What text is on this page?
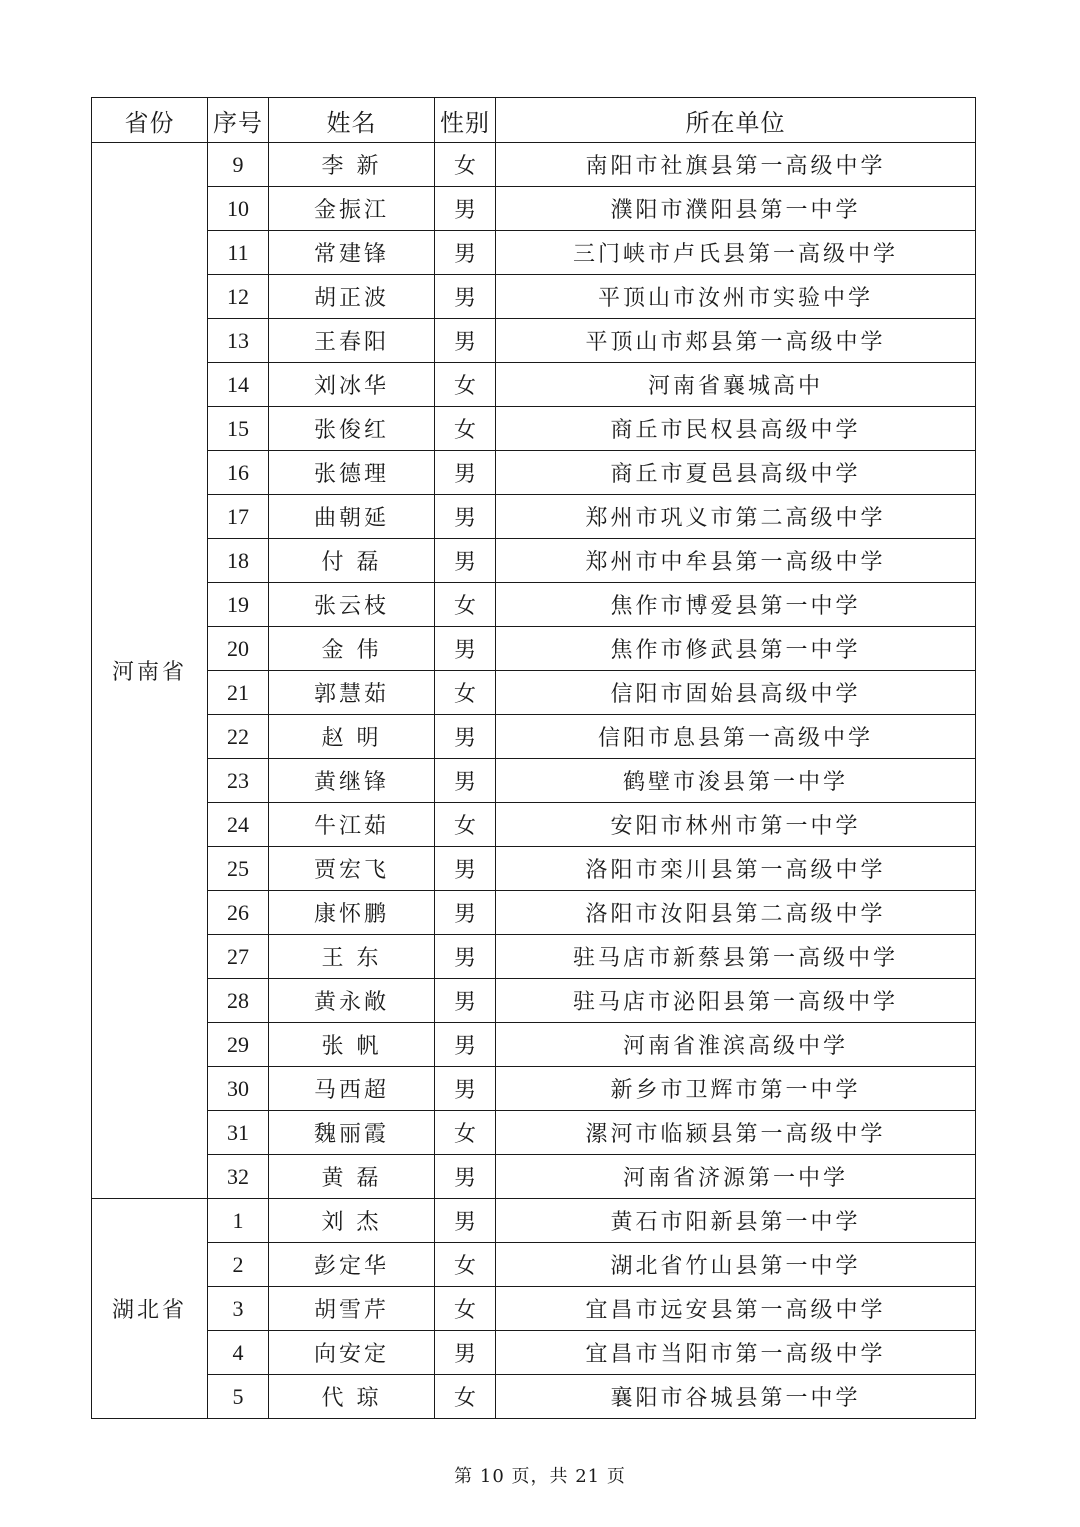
省份	序号	姓名	性别	所在单位
河南省	9	李 新	女	南阳市社旗县第一高级中学
	10	金振江	男	濮阳市濮阳县第一中学
	11	常建锋	男	三门峡市卢氏县第一高级中学
	12	胡正波	男	平顶山市汝州市实验中学
	13	王春阳	男	平顶山市郏县第一高级中学
	14	刘冰华	女	河南省襄城高中
	15	张俊红	女	商丘市民权县高级中学
	16	张德理	男	商丘市夏邑县高级中学
	17	曲朝延	男	郑州市巩义市第二高级中学
	18	付 磊	男	郑州市中牟县第一高级中学
	19	张云枝	女	焦作市博爱县第一中学
	20	金 伟	男	焦作市修武县第一中学
	21	郭慧茹	女	信阳市固始县高级中学
	22	赵 明	男	信阳市息县第一高级中学
	23	黄继锋	男	鹤壁市浚县第一中学
	24	牛江茹	女	安阳市林州市第一中学
	25	贾宏飞	男	洛阳市栾川县第一高级中学
	26	康怀鹏	男	洛阳市汝阳县第二高级中学
	27	王 东	男	驻马店市新蔡县第一高级中学
	28	黄永敞	男	驻马店市泌阳县第一高级中学
	29	张 帆	男	河南省淮滨高级中学
	30	马西超	男	新乡市卫辉市第一中学
	31	魏丽霞	女	漯河市临颍县第一高级中学
	32	黄 磊	男	河南省济源第一中学
湖北省	1	刘 杰	男	黄石市阳新县第一中学
	2	彭定华	女	湖北省竹山县第一中学
	3	胡雪芹	女	宜昌市远安县第一高级中学
	4	向安定	男	宜昌市当阳市第一高级中学
	5	代 琼	女	襄阳市谷城县第一中学
第 10 页，共 21 页
